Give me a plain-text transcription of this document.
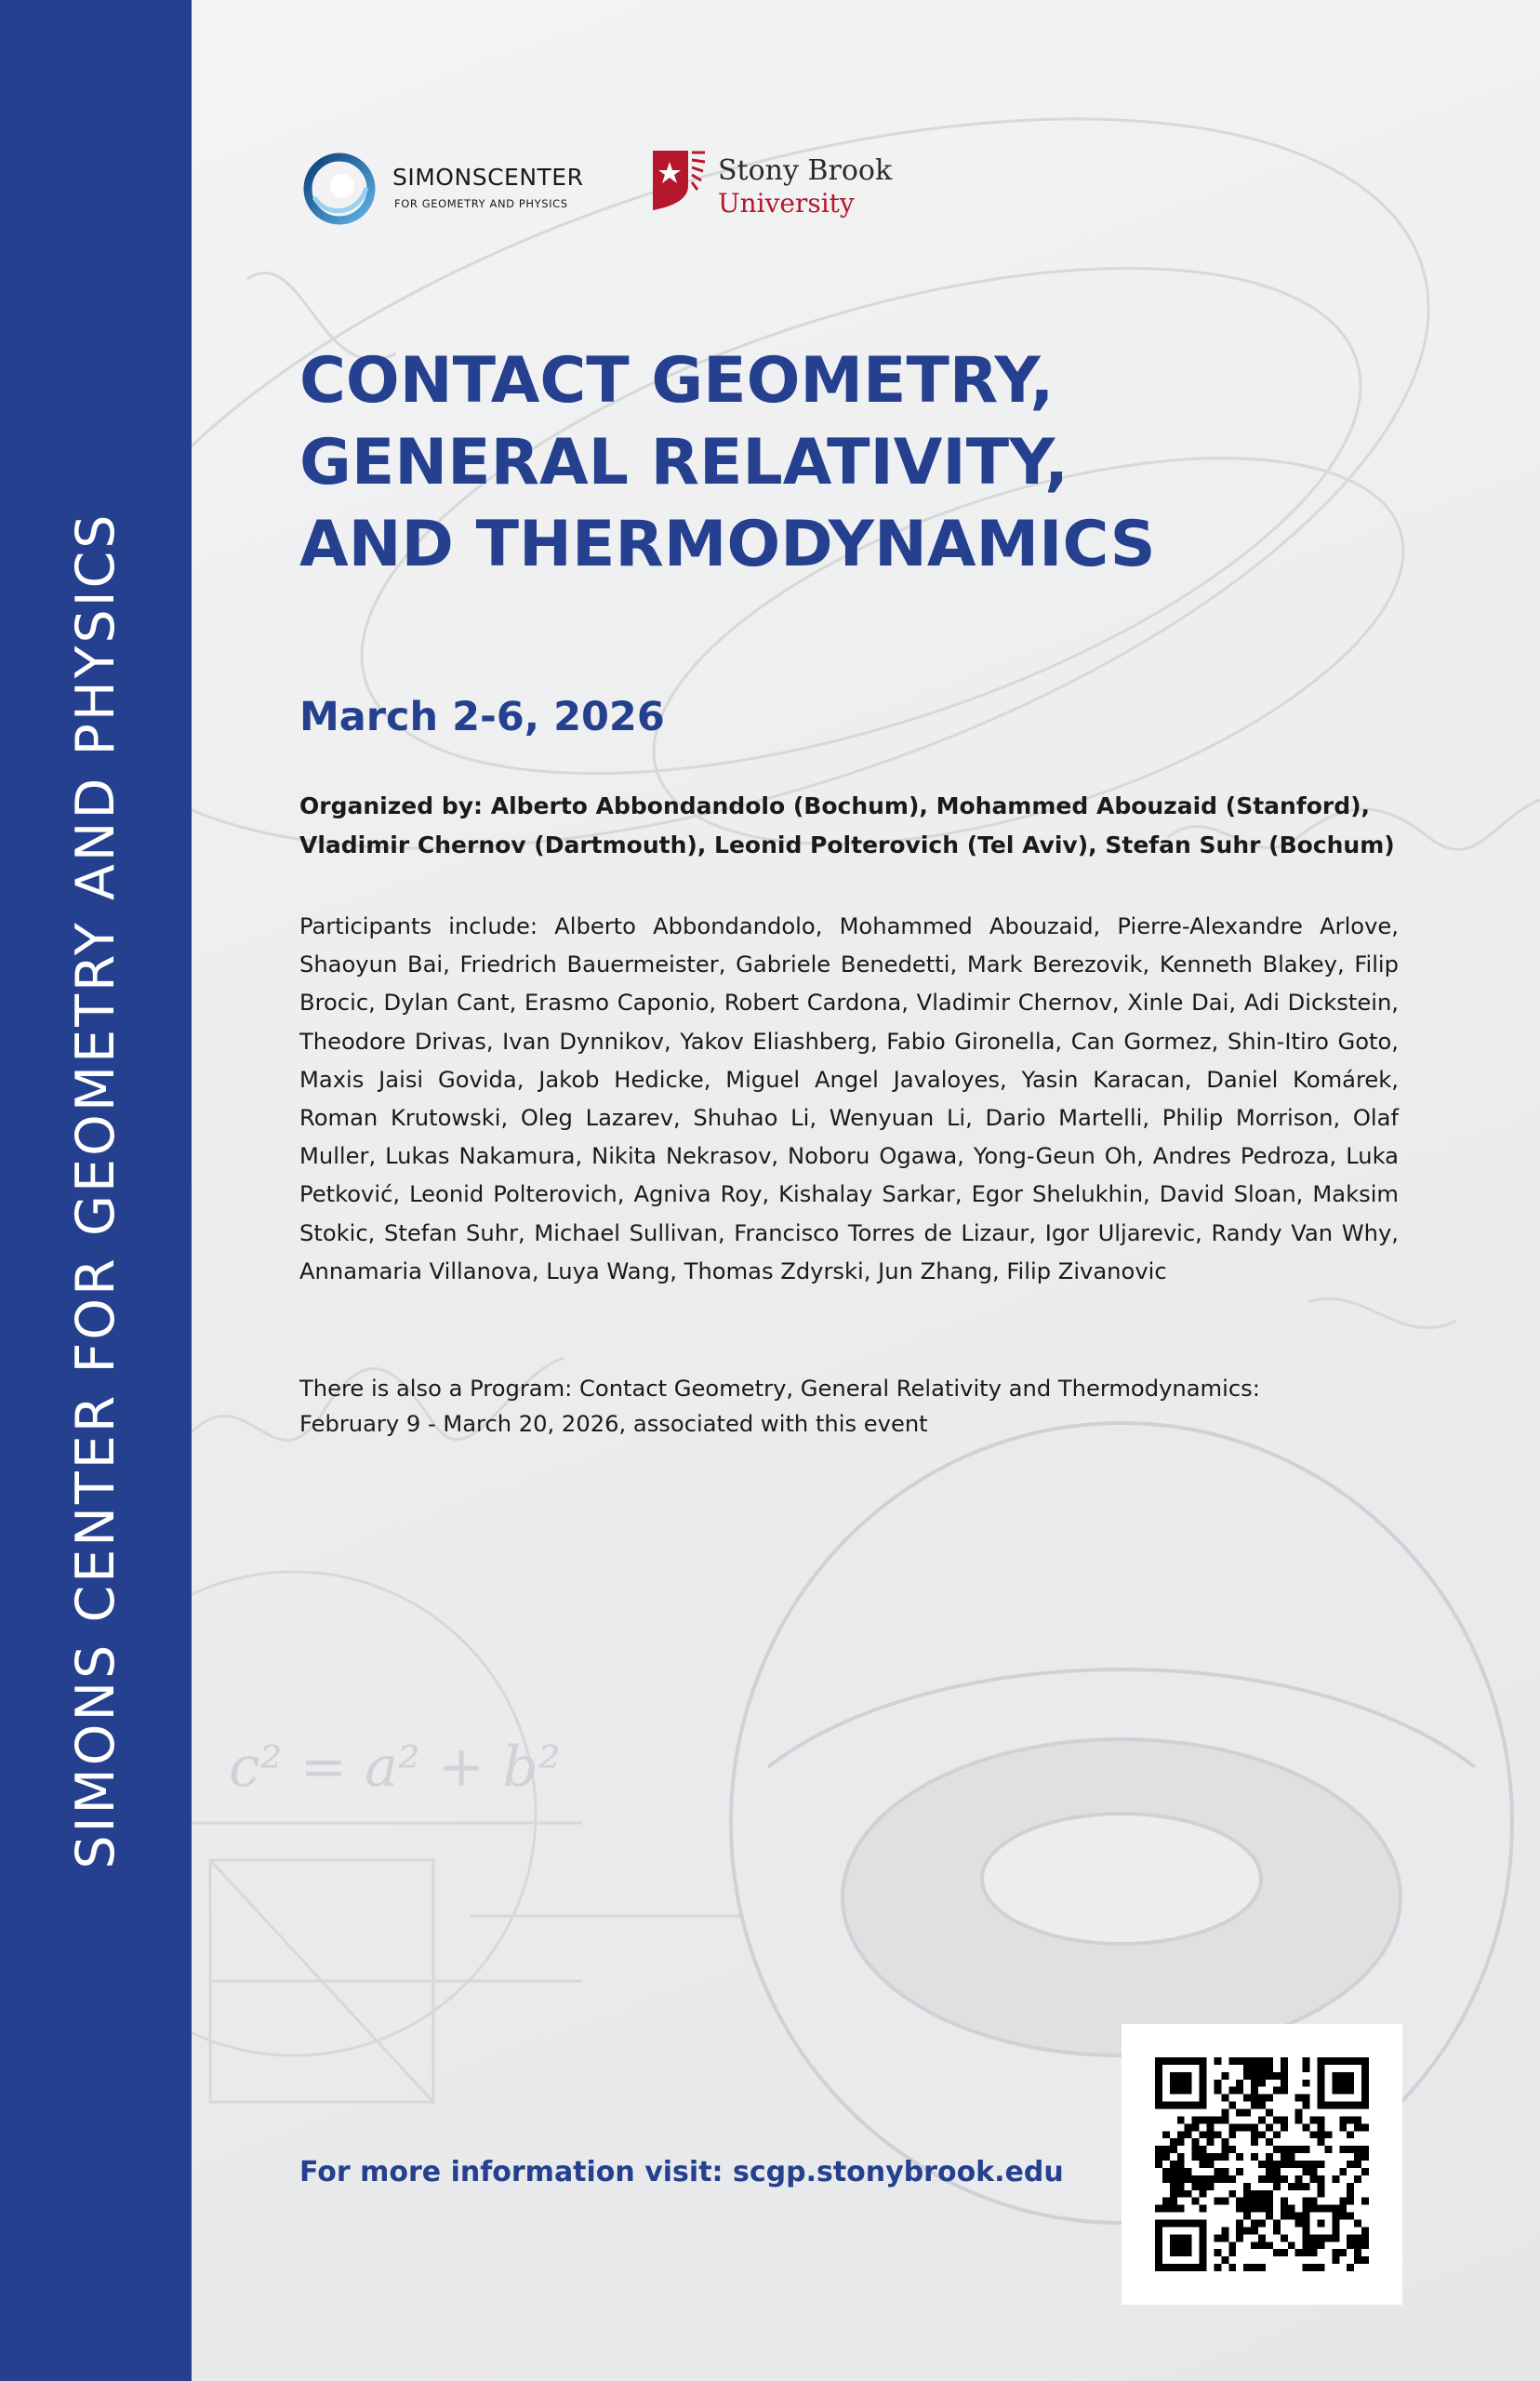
c² = a² + b²
SIMONS CENTER FOR GEOMETRY AND PHYSICS
SIMONSCENTER
FOR GEOMETRY AND PHYSICS
Stony Brook
University
CONTACT GEOMETRY,
GENERAL RELATIVITY,
AND THERMODYNAMICS
March 2-6, 2026
Organized by: Alberto Abbondandolo (Bochum), Mohammed Abouzaid (Stanford), Vladimir Chernov (Dartmouth), Leonid Polterovich (Tel Aviv), Stefan Suhr (Bochum)
Participants include: Alberto Abbondandolo, Mohammed Abouzaid, Pierre-Alexandre Arlove, Shaoyun Bai, Friedrich Bauermeister, Gabriele Benedetti, Mark Berezovik, Kenneth Blakey, Filip Brocic, Dylan Cant, Erasmo Caponio, Robert Cardona, Vladimir Chernov, Xinle Dai, Adi Dickstein, Theodore Drivas, Ivan Dynnikov, Yakov Eliashberg, Fabio Gironella, Can Gormez, Shin-Itiro Goto, Maxis Jaisi Govida, Jakob Hedicke, Miguel Angel Javaloyes, Yasin Karacan, Daniel Komárek, Roman Krutowski, Oleg Lazarev, Shuhao Li, Wenyuan Li, Dario Martelli, Philip Morrison, Olaf Muller, Lukas Nakamura, Nikita Nekrasov, Noboru Ogawa, Yong-Geun Oh, Andres Pedroza, Luka Petković, Leonid Polterovich, Agniva Roy, Kishalay Sarkar, Egor Shelukhin, David Sloan, Maksim Stokic, Stefan Suhr, Michael Sullivan, Francisco Torres de Lizaur, Igor Uljarevic, Randy Van Why, Annamaria Villanova, Luya Wang, Thomas Zdyrski, Jun Zhang, Filip Zivanovic
There is also a Program: Contact Geometry, General Relativity and Thermodynamics:
February 9 - March 20, 2026, associated with this event
For more information visit: scgp.stonybrook.edu
